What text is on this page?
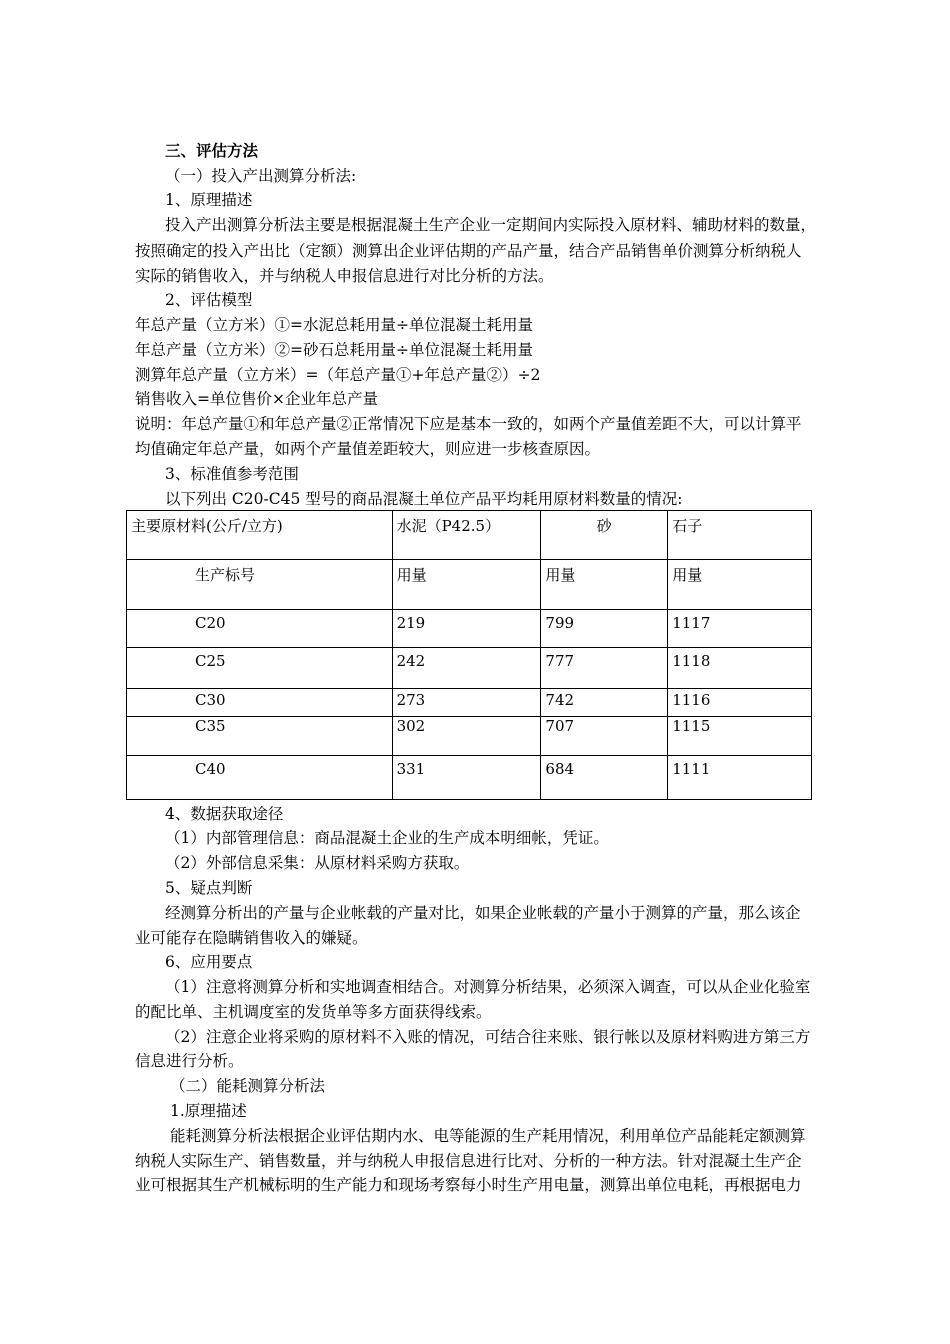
三、评估方法
（一）投入产出测算分析法:
1、原理描述
投入产出测算分析法主要是根据混凝土生产企业一定期间内实际投入原材料、辅助材料的数量，
按照确定的投入产出比（定额）测算出企业评估期的产品产量，结合产品销售单价测算分析纳税人
实际的销售收入，并与纳税人申报信息进行对比分析的方法。
2、评估模型
年总产量（立方米）①=水泥总耗用量÷单位混凝土耗用量
年总产量（立方米）②=砂石总耗用量÷单位混凝土耗用量
测算年总产量（立方米）=（年总产量①+年总产量②）÷2
销售收入=单位售价×企业年总产量
说明：年总产量①和年总产量②正常情况下应是基本一致的，如两个产量值差距不大，可以计算平
均值确定年总产量，如两个产量值差距较大，则应进一步核查原因。
3、标准值参考范围
以下列出 C20-C45 型号的商品混凝土单位产品平均耗用原材料数量的情况:
主要原材料(公斤/立方)	水泥（P42.5）	砂	石子
生产标号	用量	用量	用量
C20	219	799	1117
C25	242	777	1118
C30	273	742	1116
C35	302	707	1115
C40	331	684	1111
4、数据获取途径
（1）内部管理信息：商品混凝土企业的生产成本明细帐，凭证。
（2）外部信息采集：从原材料采购方获取。
5、疑点判断
经测算分析出的产量与企业帐载的产量对比，如果企业帐载的产量小于测算的产量，那么该企
业可能存在隐瞒销售收入的嫌疑。
6、应用要点
（1）注意将测算分析和实地调查相结合。对测算分析结果，必须深入调查，可以从企业化验室
的配比单、主机调度室的发货单等多方面获得线索。
（2）注意企业将采购的原材料不入账的情况，可结合往来账、银行帐以及原材料购进方第三方
信息进行分析。
（二）能耗测算分析法
1.原理描述
能耗测算分析法根据企业评估期内水、电等能源的生产耗用情况，利用单位产品能耗定额测算
纳税人实际生产、销售数量，并与纳税人申报信息进行比对、分析的一种方法。针对混凝土生产企
业可根据其生产机械标明的生产能力和现场考察每小时生产用电量，测算出单位电耗，再根据电力
